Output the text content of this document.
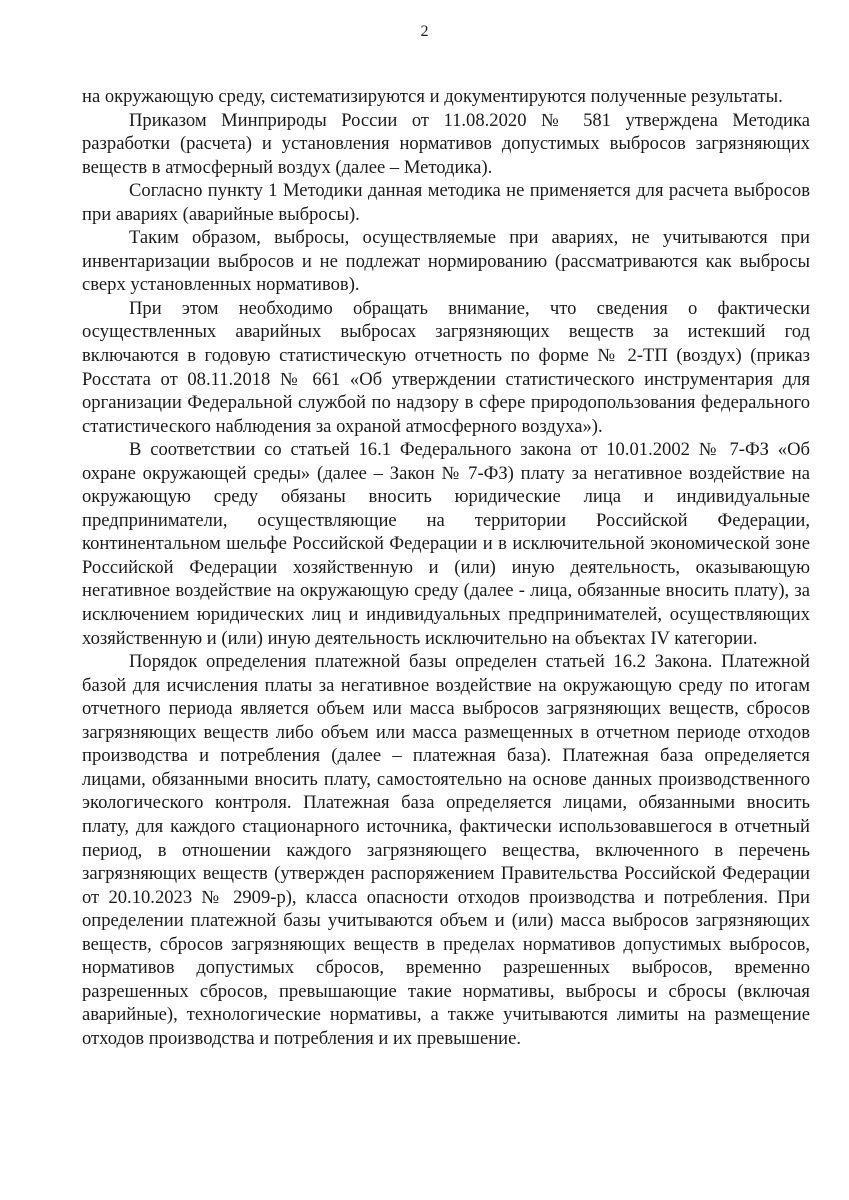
2

на окружающую среду, систематизируются и документируются полученные результаты.

Приказом Минприроды России от 11.08.2020 № 581 утверждена Методика разработки (расчета) и установления нормативов допустимых выбросов загрязняющих веществ в атмосферный воздух (далее – Методика).

Согласно пункту 1 Методики данная методика не применяется для расчета выбросов при авариях (аварийные выбросы).

Таким образом, выбросы, осуществляемые при авариях, не учитываются при инвентаризации выбросов и не подлежат нормированию (рассматриваются как выбросы сверх установленных нормативов).

При этом необходимо обращать внимание, что сведения о фактически осуществленных аварийных выбросах загрязняющих веществ за истекший год включаются в годовую статистическую отчетность по форме № 2-ТП (воздух) (приказ Росстата от 08.11.2018 № 661 «Об утверждении статистического инструментария для организации Федеральной службой по надзору в сфере природопользования федерального статистического наблюдения за охраной атмосферного воздуха»).

В соответствии со статьей 16.1 Федерального закона от 10.01.2002 № 7-ФЗ «Об охране окружающей среды» (далее – Закон № 7-ФЗ) плату за негативное воздействие на окружающую среду обязаны вносить юридические лица и индивидуальные предприниматели, осуществляющие на территории Российской Федерации, континентальном шельфе Российской Федерации и в исключительной экономической зоне Российской Федерации хозяйственную и (или) иную деятельность, оказывающую негативное воздействие на окружающую среду (далее - лица, обязанные вносить плату), за исключением юридических лиц и индивидуальных предпринимателей, осуществляющих хозяйственную и (или) иную деятельность исключительно на объектах IV категории.

Порядок определения платежной базы определен статьей 16.2 Закона. Платежной базой для исчисления платы за негативное воздействие на окружающую среду по итогам отчетного периода является объем или масса выбросов загрязняющих веществ, сбросов загрязняющих веществ либо объем или масса размещенных в отчетном периоде отходов производства и потребления (далее – платежная база). Платежная база определяется лицами, обязанными вносить плату, самостоятельно на основе данных производственного экологического контроля. Платежная база определяется лицами, обязанными вносить плату, для каждого стационарного источника, фактически использовавшегося в отчетный период, в отношении каждого загрязняющего вещества, включенного в перечень загрязняющих веществ (утвержден распоряжением Правительства Российской Федерации от 20.10.2023 № 2909-р), класса опасности отходов производства и потребления. При определении платежной базы учитываются объем и (или) масса выбросов загрязняющих веществ, сбросов загрязняющих веществ в пределах нормативов допустимых выбросов, нормативов допустимых сбросов, временно разрешенных выбросов, временно разрешенных сбросов, превышающие такие нормативы, выбросы и сбросы (включая аварийные), технологические нормативы, а также учитываются лимиты на размещение отходов производства и потребления и их превышение.
